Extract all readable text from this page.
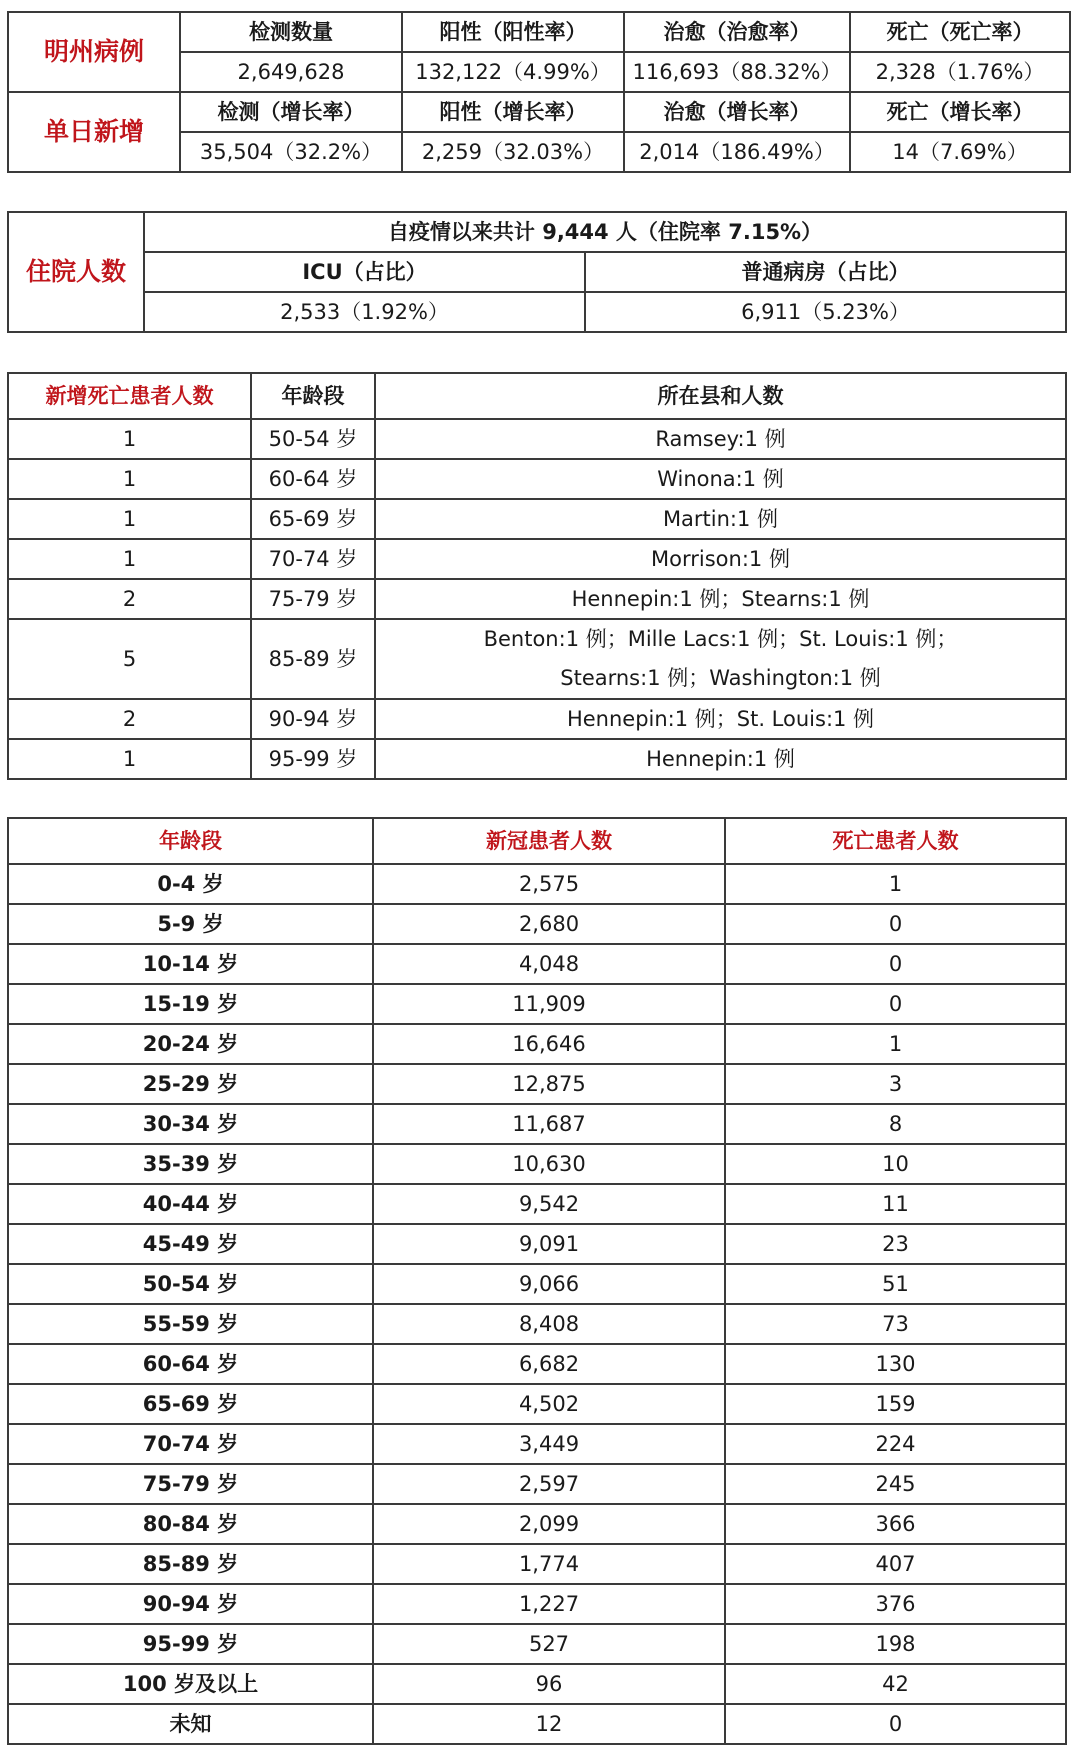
明州病例	检测数量	阳性（阳性率）	治愈（治愈率）	死亡（死亡率）
	2,649,628	132,122（4.99%）	116,693（88.32%）	2,328（1.76%）
单日新增	检测（增长率）	阳性（增长率）	治愈（增长率）	死亡（增长率）
	35,504（32.2%）	2,259（32.03%）	2,014（186.49%）	14（7.69%）
住院人数	自疫情以来共计 9,444 人（住院率 7.15%）	
	ICU（占比）	普通病房（占比）
	2,533（1.92%）	6,911（5.23%）
新增死亡患者人数	年龄段	所在县和人数
1	50-54 岁	Ramsey:1 例
1	60-64 岁	Winona:1 例
1	65-69 岁	Martin:1 例
1	70-74 岁	Morrison:1 例
2	75-79 岁	Hennepin:1 例；Stearns:1 例
5	85-89 岁	Benton:1 例；Mille Lacs:1 例；St. Louis:1 例；
Stearns:1 例；Washington:1 例

2	90-94 岁	Hennepin:1 例；St. Louis:1 例
1	95-99 岁	Hennepin:1 例
年龄段	新冠患者人数	死亡患者人数
0-4 岁	2,575	1
5-9 岁	2,680	0
10-14 岁	4,048	0
15-19 岁	11,909	0
20-24 岁	16,646	1
25-29 岁	12,875	3
30-34 岁	11,687	8
35-39 岁	10,630	10
40-44 岁	9,542	11
45-49 岁	9,091	23
50-54 岁	9,066	51
55-59 岁	8,408	73
60-64 岁	6,682	130
65-69 岁	4,502	159
70-74 岁	3,449	224
75-79 岁	2,597	245
80-84 岁	2,099	366
85-89 岁	1,774	407
90-94 岁	1,227	376
95-99 岁	527	198
100 岁及以上	96	42
未知	12	0
